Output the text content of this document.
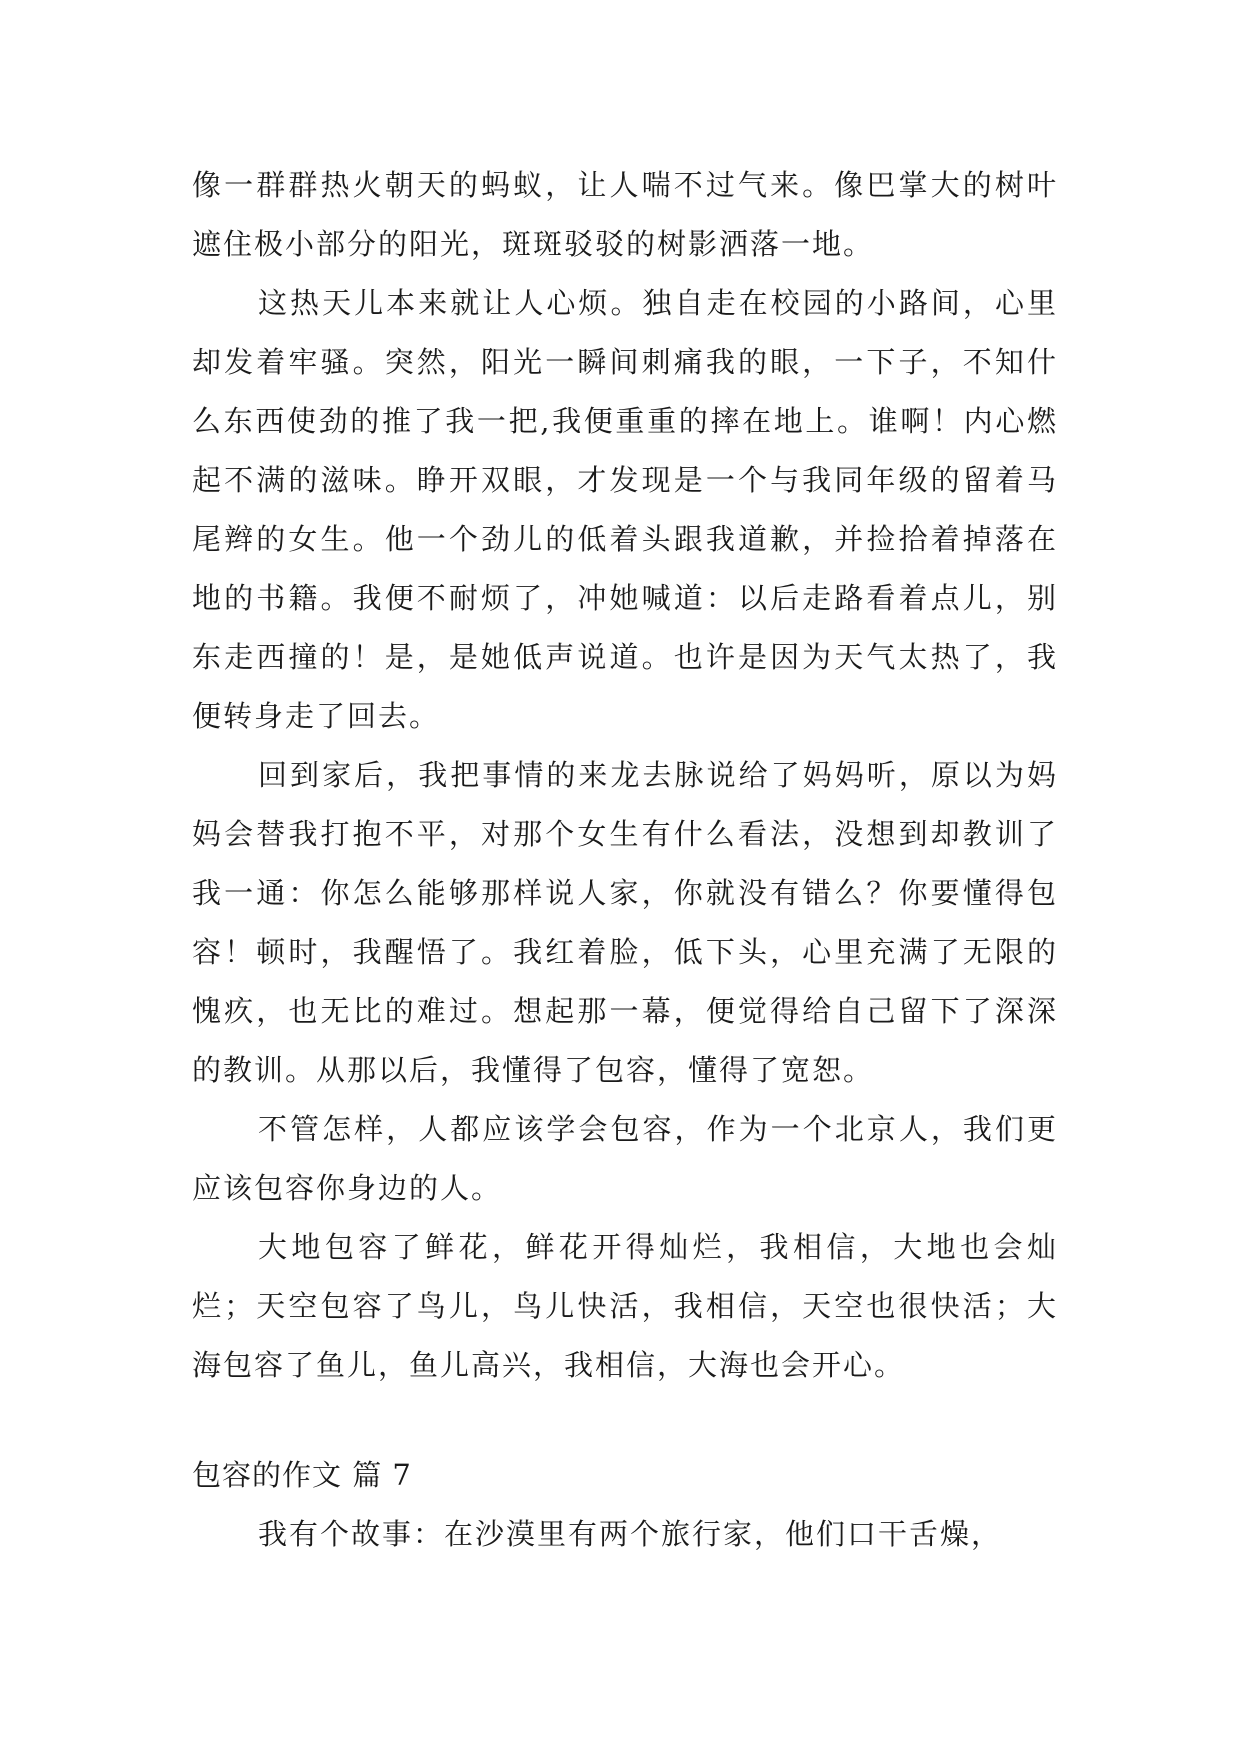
像一群群热火朝天的蚂蚁，让人喘不过气来。像巴掌大的树叶遮住极小部分的阳光，斑斑驳驳的树影洒落一地。

这热天儿本来就让人心烦。独自走在校园的小路间，心里却发着牢骚。突然，阳光一瞬间刺痛我的眼，一下子，不知什么东西使劲的推了我一把,我便重重的摔在地上。谁啊！内心燃起不满的滋味。睁开双眼，才发现是一个与我同年级的留着马尾辫的女生。他一个劲儿的低着头跟我道歉，并捡拾着掉落在地的书籍。我便不耐烦了，冲她喊道：以后走路看着点儿，别东走西撞的！是，是她低声说道。也许是因为天气太热了，我便转身走了回去。

回到家后，我把事情的来龙去脉说给了妈妈听，原以为妈妈会替我打抱不平，对那个女生有什么看法，没想到却教训了我一通：你怎么能够那样说人家，你就没有错么？你要懂得包容！顿时，我醒悟了。我红着脸，低下头，心里充满了无限的愧疚，也无比的难过。想起那一幕，便觉得给自己留下了深深的教训。从那以后，我懂得了包容，懂得了宽恕。

不管怎样，人都应该学会包容，作为一个北京人，我们更应该包容你身边的人。

大地包容了鲜花，鲜花开得灿烂，我相信，大地也会灿烂；天空包容了鸟儿，鸟儿快活，我相信，天空也很快活；大海包容了鱼儿，鱼儿高兴，我相信，大海也会开心。

包容的作文 篇 7

我有个故事：在沙漠里有两个旅行家，他们口干舌燥，
